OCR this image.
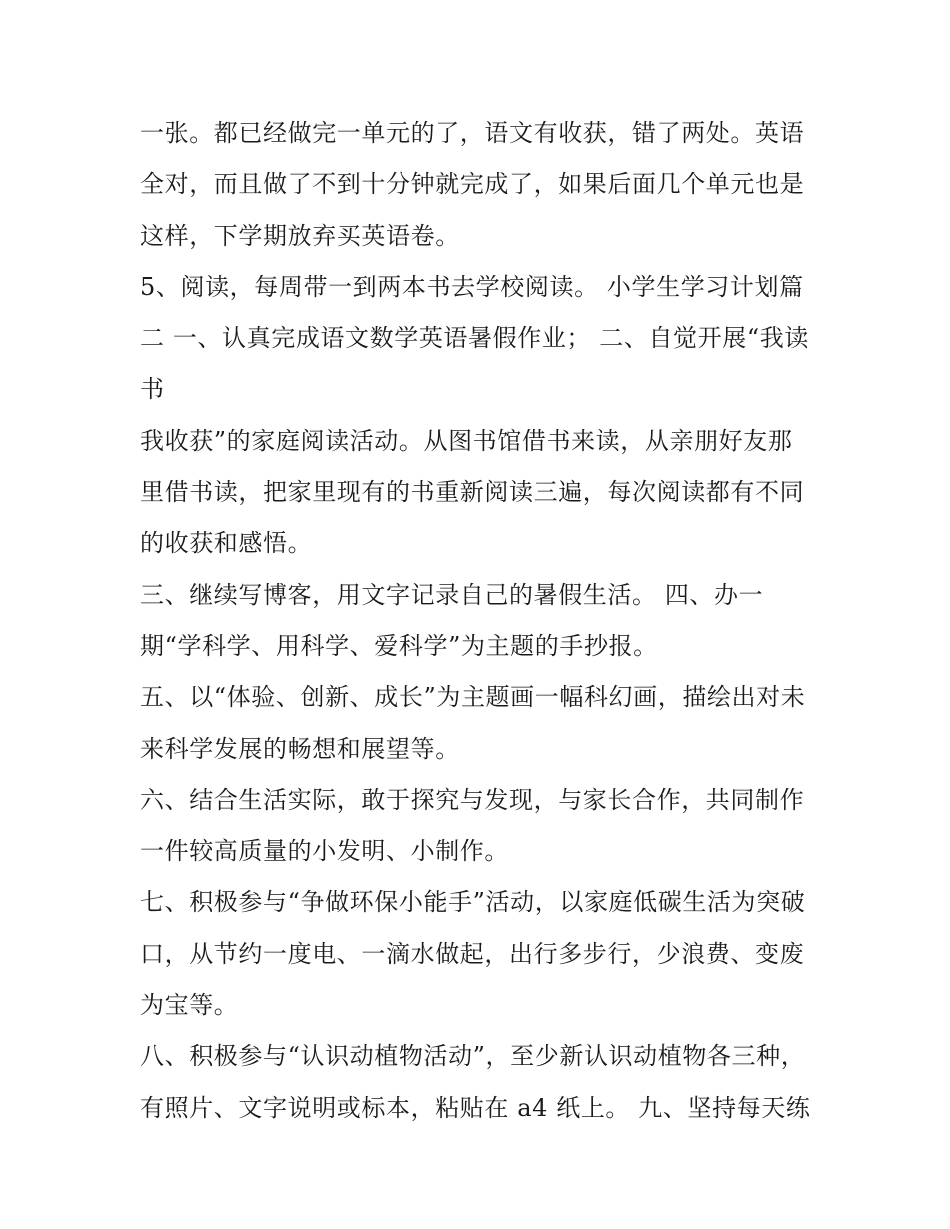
一张。都已经做完一单元的了，语文有收获，错了两处。英语
全对，而且做了不到十分钟就完成了，如果后面几个单元也是
这样，下学期放弃买英语卷。
5、阅读，每周带一到两本书去学校阅读。 小学生学习计划篇
二 一、认真完成语文数学英语暑假作业； 二、自觉开展“我读
书
我收获”的家庭阅读活动。从图书馆借书来读，从亲朋好友那
里借书读，把家里现有的书重新阅读三遍，每次阅读都有不同
的收获和感悟。
三、继续写博客，用文字记录自己的暑假生活。 四、办一
期“学科学、用科学、爱科学”为主题的手抄报。
五、以“体验、创新、成长”为主题画一幅科幻画，描绘出对未
来科学发展的畅想和展望等。
六、结合生活实际，敢于探究与发现，与家长合作，共同制作
一件较高质量的小发明、小制作。
七、积极参与“争做环保小能手”活动，以家庭低碳生活为突破
口，从节约一度电、一滴水做起，出行多步行，少浪费、变废
为宝等。
八、积极参与“认识动植物活动”，至少新认识动植物各三种，
有照片、文字说明或标本，粘贴在 a4 纸上。 九、坚持每天练
